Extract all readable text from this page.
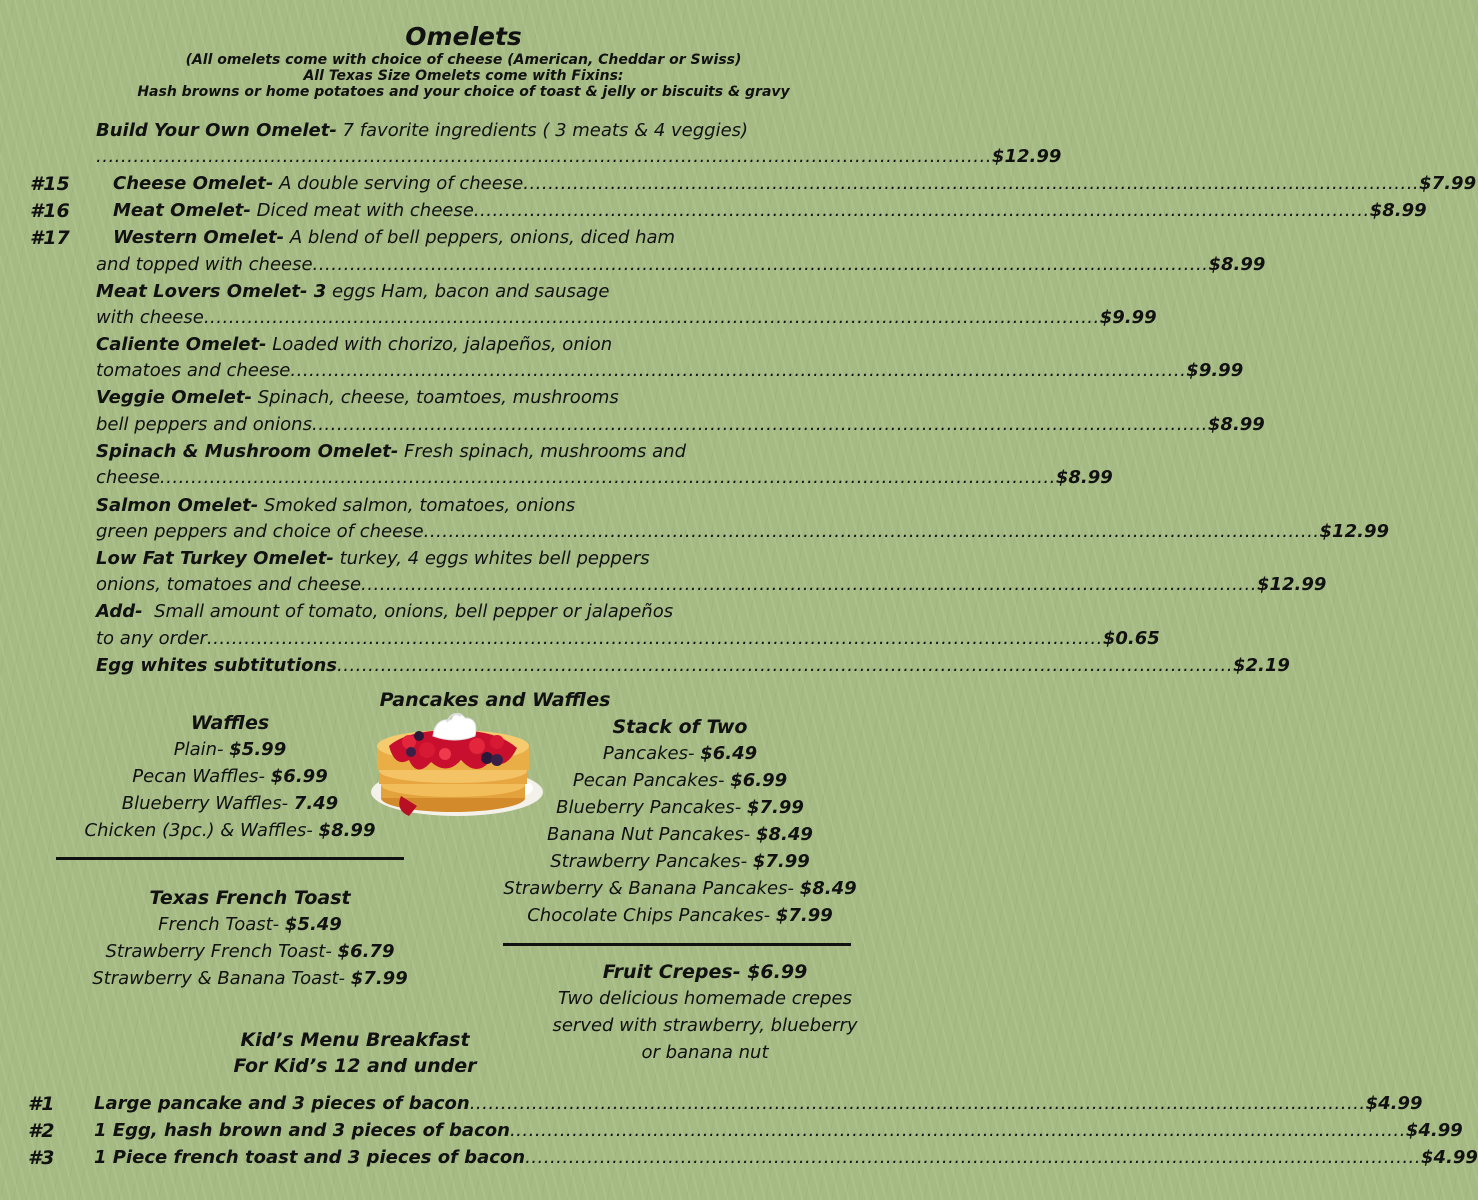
Omelets
(All omelets come with choice of cheese (American, Cheddar or Swiss)
All Texas Size Omelets come with Fixins:
Hash browns or home potatoes and your choice of toast & jelly or biscuits & gravy
Build Your Own Omelet- 7 favorite ingredients ( 3 meats & 4 veggies)
................................................................................................................................................ $12.99
#15 Cheese Omelet- A double serving of cheese ................................................................................................................................................ $7.99
#16 Meat Omelet- Diced meat with cheese ................................................................................................................................................ $8.99
#17 Western Omelet- A blend of bell peppers, onions, diced ham
and topped with cheese ................................................................................................................................................ $8.99
Meat Lovers Omelet- 3 eggs Ham, bacon and sausage
with cheese ................................................................................................................................................ $9.99
Caliente Omelet- Loaded with chorizo, jalapeños, onion
tomatoes and cheese ................................................................................................................................................ $9.99
Veggie Omelet- Spinach, cheese, toamtoes, mushrooms
bell peppers and onions ................................................................................................................................................ $8.99
Spinach & Mushroom Omelet- Fresh spinach, mushrooms and
cheese ................................................................................................................................................ $8.99
Salmon Omelet- Smoked salmon, tomatoes, onions
green peppers and choice of cheese ................................................................................................................................................ $12.99
Low Fat Turkey Omelet- turkey, 4 eggs whites bell peppers
onions, tomatoes and cheese ................................................................................................................................................ $12.99
Add-  Small amount of tomato, onions, bell pepper or jalapeños
to any order ................................................................................................................................................ $0.65
Egg whites subtitutions ................................................................................................................................................ $2.19
Pancakes and Waffles
Waffles
Plain- $5.99
Pecan Waffles- $6.99
Blueberry Waffles- 7.49
Chicken (3pc.) & Waffles- $8.99
Stack of Two
Pancakes- $6.49
Pecan Pancakes- $6.99
Blueberry Pancakes- $7.99
Banana Nut Pancakes- $8.49
Strawberry Pancakes- $7.99
Strawberry & Banana Pancakes- $8.49
Chocolate Chips Pancakes- $7.99
Texas French Toast
French Toast- $5.49
Strawberry French Toast- $6.79
Strawberry & Banana Toast- $7.99	Fruit Crepes- $6.99
Two delicious homemade crepes
served with strawberry, blueberry
or banana nut
Kid’s Menu Breakfast
For Kid’s 12 and under
#1 Large pancake and 3 pieces of bacon ................................................................................................................................................ $4.99
#2 1 Egg, hash brown and 3 pieces of bacon ................................................................................................................................................ $4.99
#3 1 Piece french toast and 3 pieces of bacon ................................................................................................................................................ $4.99
